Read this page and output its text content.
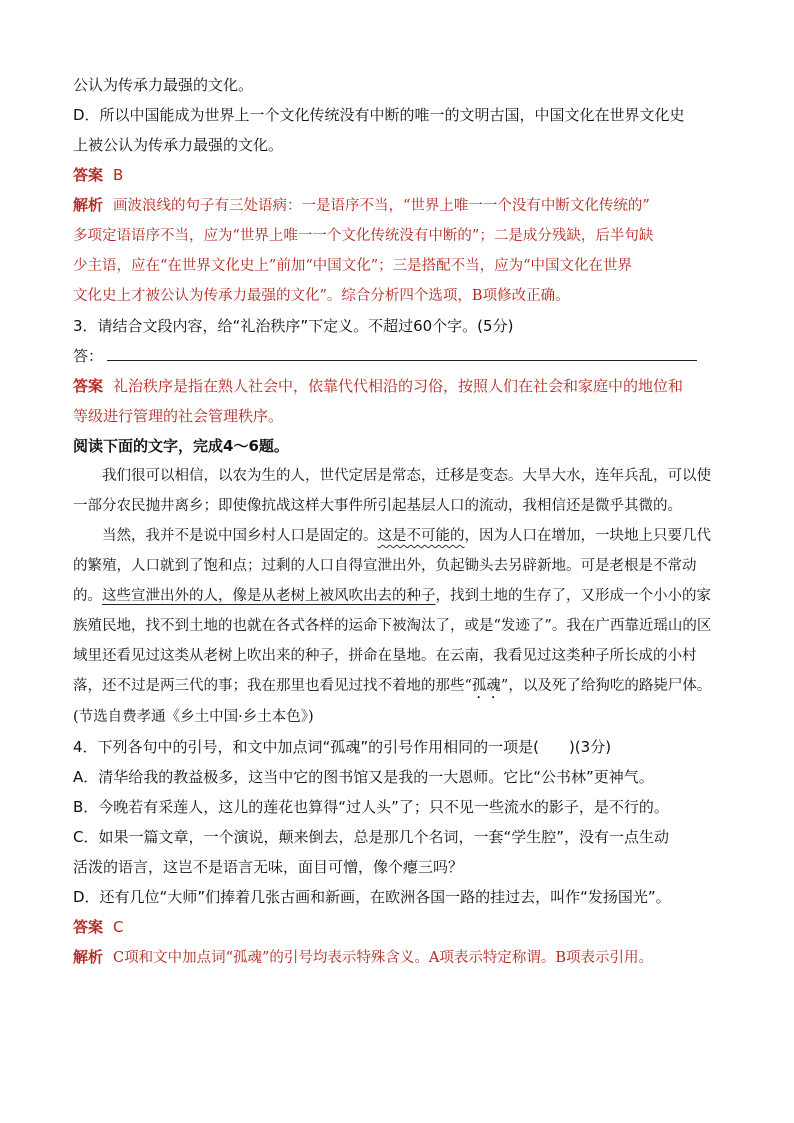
公认为传承力最强的文化。
D．所以中国能成为世界上一个文化传统没有中断的唯一的文明古国，中国文化在世界文化史
上被公认为传承力最强的文化。
答案 B
解析 画波浪线的句子有三处语病：一是语序不当，“世界上唯一一个没有中断文化传统的”
多项定语语序不当，应为“世界上唯一一个文化传统没有中断的”；二是成分残缺，后半句缺
少主语，应在“在世界文化史上”前加“中国文化”；三是搭配不当，应为“中国文化在世界
文化史上才被公认为传承力最强的文化”。综合分析四个选项，B项修改正确。
3．请结合文段内容，给“礼治秩序”下定义。不超过60个字。(5分)
答：
答案 礼治秩序是指在熟人社会中，依靠代代相沿的习俗，按照人们在社会和家庭中的地位和
等级进行管理的社会管理秩序。
阅读下面的文字，完成4～6题。

我们很可以相信，以农为生的人，世代定居是常态，迁移是变态。大旱大水，连年兵乱，可以使一部分农民抛井离乡；即使像抗战这样大事件所引起基层人口的流动，我相信还是微乎其微的。

当然，我并不是说中国乡村人口是固定的。这是不可能的，因为人口在增加，一块地上只要几代的繁殖，人口就到了饱和点；过剩的人口自得宣泄出外，负起锄头去另辟新地。可是老根是不常动的。这些宣泄出外的人，像是从老树上被风吹出去的种子，找到土地的生存了，又形成一个小小的家族殖民地，找不到土地的也就在各式各样的运命下被淘汰了，或是“发迹了”。我在广西靠近瑶山的区域里还看见过这类从老树上吹出来的种子，拼命在垦地。在云南，我看见过这类种子所长成的小村落，还不过是两三代的事；我在那里也看见过找不着地的那些“孤魂”，以及死了给狗吃的路毙尸体。(节选自费孝通《乡土中国·乡土本色》)

4．下列各句中的引号，和文中加点词“孤魂”的引号作用相同的一项是(　　)(3分)
A．清华给我的教益极多，这当中它的图书馆又是我的一大恩师。它比“公书林”更神气。
B．今晚若有采莲人，这儿的莲花也算得“过人头”了；只不见一些流水的影子，是不行的。
C．如果一篇文章，一个演说，颠来倒去，总是那几个名词，一套“学生腔”，没有一点生动
活泼的语言，这岂不是语言无味，面目可憎，像个瘪三吗？
D．还有几位“大师”们捧着几张古画和新画，在欧洲各国一路的挂过去，叫作“发扬国光”。
答案 C
解析 C项和文中加点词“孤魂”的引号均表示特殊含义。A项表示特定称谓。B项表示引用。
